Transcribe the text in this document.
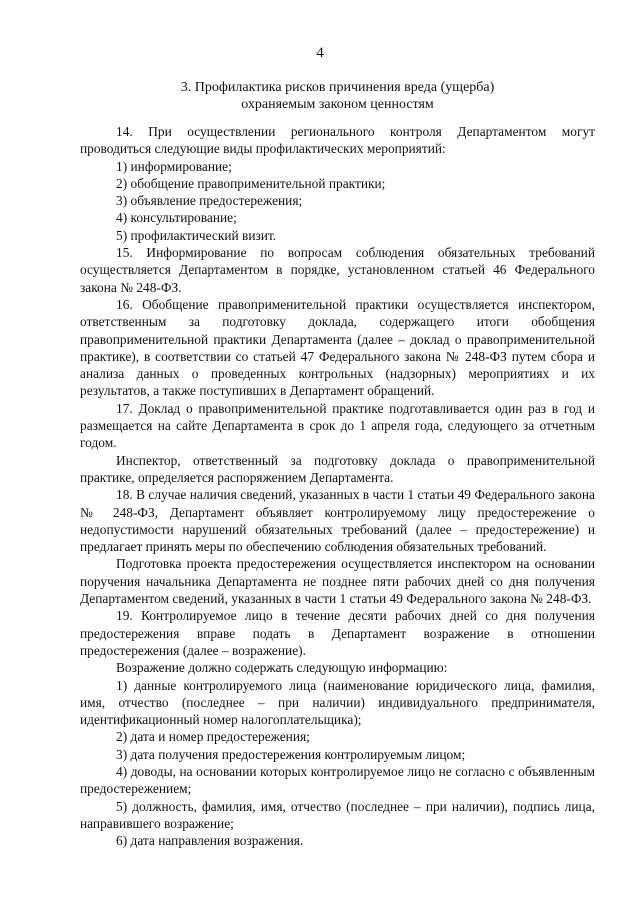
4
3. Профилактика рисков причинения вреда (ущерба)
охраняемым законом ценностям

14. При осуществлении регионального контроля Департаментом могут проводиться следующие виды профилактических мероприятий:

1) информирование;

2) обобщение правоприменительной практики;

3) объявление предостережения;

4) консультирование;

5) профилактический визит.

15. Информирование по вопросам соблюдения обязательных требований осуществляется Департаментом в порядке, установленном статьей 46 Федерального закона № 248-ФЗ.

16. Обобщение правоприменительной практики осуществляется инспектором, ответственным за подготовку доклада, содержащего итоги обобщения правоприменительной практики Департамента (далее – доклад о правоприменительной практике), в соответствии со статьей 47 Федерального закона № 248-ФЗ путем сбора и анализа данных о проведенных контрольных (надзорных) мероприятиях и их результатов, а также поступивших в Департамент обращений.

17. Доклад о правоприменительной практике подготавливается один раз в год и размещается на сайте Департамента в срок до 1 апреля года, следующего за отчетным годом.

Инспектор, ответственный за подготовку доклада о правоприменительной практике, определяется распоряжением Департамента.

18. В случае наличия сведений, указанных в части 1 статьи 49 Федерального закона № 248-ФЗ, Департамент объявляет контролируемому лицу предостережение о недопустимости нарушений обязательных требований (далее – предостережение) и предлагает принять меры по обеспечению соблюдения обязательных требований.

Подготовка проекта предостережения осуществляется инспектором на основании поручения начальника Департамента не позднее пяти рабочих дней со дня получения Департаментом сведений, указанных в части 1 статьи 49 Федерального закона № 248-ФЗ.

19. Контролируемое лицо в течение десяти рабочих дней со дня получения предостережения вправе подать в Департамент возражение в отношении предостережения (далее – возражение).

Возражение должно содержать следующую информацию:

1) данные контролируемого лица (наименование юридического лица, фамилия, имя, отчество (последнее – при наличии) индивидуального предпринимателя, идентификационный номер налогоплательщика);

2) дата и номер предостережения;

3) дата получения предостережения контролируемым лицом;

4) доводы, на основании которых контролируемое лицо не согласно с объявленным предостережением;

5) должность, фамилия, имя, отчество (последнее – при наличии), подпись лица, направившего возражение;

6) дата направления возражения.
